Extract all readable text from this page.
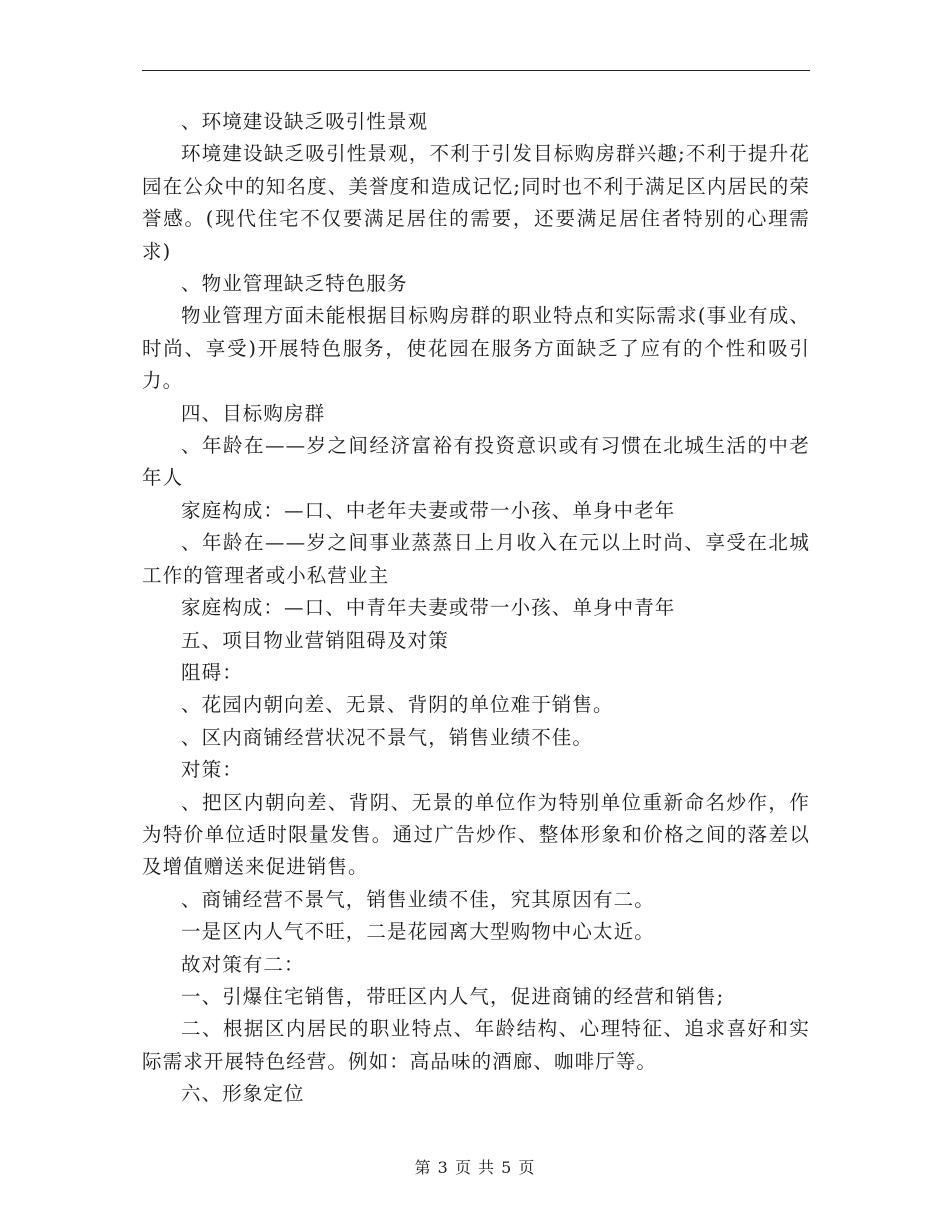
、环境建设缺乏吸引性景观

环境建设缺乏吸引性景观，不利于引发目标购房群兴趣;不利于提升花园在公众中的知名度、美誉度和造成记忆;同时也不利于满足区内居民的荣誉感。(现代住宅不仅要满足居住的需要，还要满足居住者特别的心理需求)

、物业管理缺乏特色服务

物业管理方面未能根据目标购房群的职业特点和实际需求(事业有成、时尚、享受)开展特色服务，使花园在服务方面缺乏了应有的个性和吸引力。

四、目标购房群

、年龄在——岁之间经济富裕有投资意识或有习惯在北城生活的中老年人

家庭构成：—口、中老年夫妻或带一小孩、单身中老年

、年龄在——岁之间事业蒸蒸日上月收入在元以上时尚、享受在北城工作的管理者或小私营业主

家庭构成：—口、中青年夫妻或带一小孩、单身中青年

五、项目物业营销阻碍及对策

阻碍：

、花园内朝向差、无景、背阴的单位难于销售。

、区内商铺经营状况不景气，销售业绩不佳。

对策：

、把区内朝向差、背阴、无景的单位作为特别单位重新命名炒作，作为特价单位适时限量发售。通过广告炒作、整体形象和价格之间的落差以及增值赠送来促进销售。

、商铺经营不景气，销售业绩不佳，究其原因有二。

一是区内人气不旺，二是花园离大型购物中心太近。

故对策有二：

一、引爆住宅销售，带旺区内人气，促进商铺的经营和销售;

二、根据区内居民的职业特点、年龄结构、心理特征、追求喜好和实际需求开展特色经营。例如：高品味的酒廊、咖啡厅等。

六、形象定位

第 3 页 共 5 页
